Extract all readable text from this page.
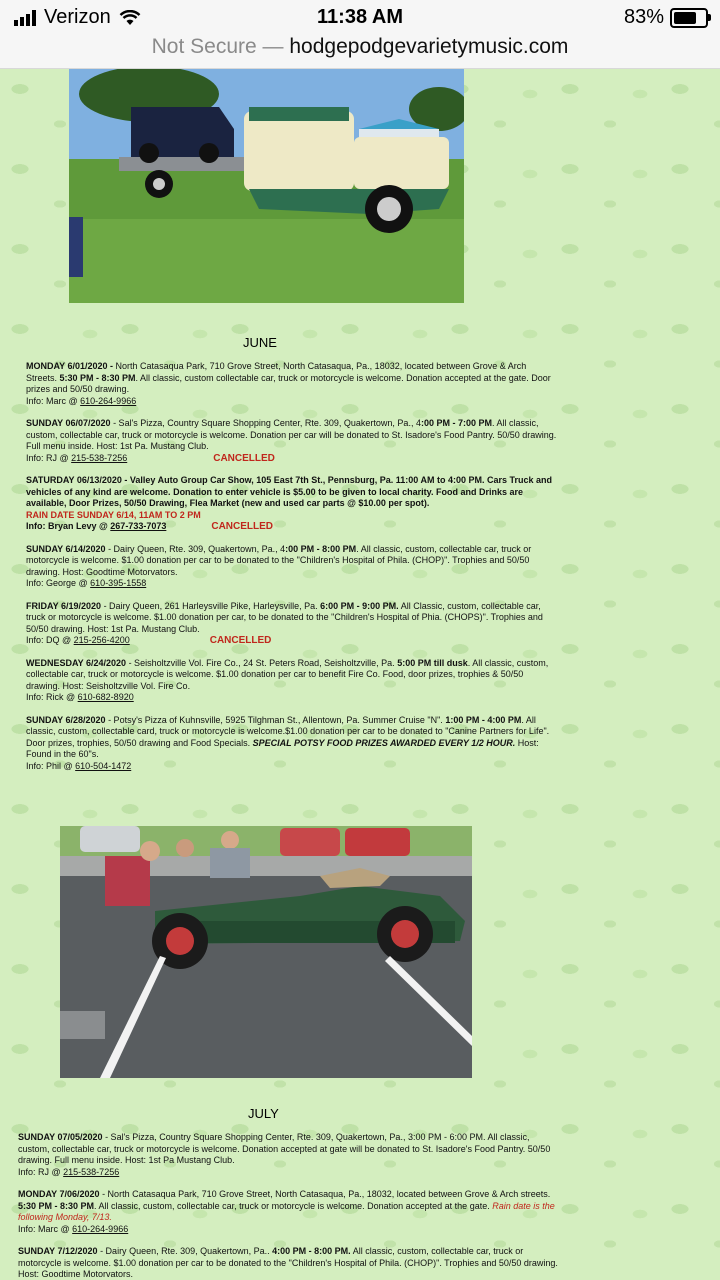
Verizon	11:38 AM	83%
Not Secure — hodgepodgevarietymusic.com
JUNE

MONDAY 6/01/2020 - North Catasaqua Park, 710 Grove Street, North Catasaqua, Pa., 18032, located between Grove & Arch Streets. 5:30 PM - 8:30 PM. All classic, custom collectable car, truck or motorcycle is welcome. Donation accepted at the gate. Door prizes and 50/50 drawing.

Info: Marc @ 610-264-9966

SUNDAY 06/07/2020 - Sal's Pizza, Country Square Shopping Center, Rte. 309, Quakertown, Pa., 4:00 PM - 7:00 PM. All classic, custom, collectable car, truck or motorcycle is welcome. Donation per car will be donated to St. Isadore's Food Pantry. 50/50 drawing. Full menu inside. Host: 1st Pa. Mustang Club.

Info: RJ @ 215-538-7256	CANCELLED

SATURDAY 06/13/2020 - Valley Auto Group Car Show, 105 East 7th St., Pennsburg, Pa. 11:00 AM to 4:00 PM. Cars Truck and vehicles of any kind are welcome. Donation to enter vehicle is $5.00 to be given to local charity. Food and Drinks are available, Door Prizes, 50/50 Drawing, Flea Market (new and used car parts @ $10.00 per spot).

RAIN DATE SUNDAY 6/14, 11AM TO 2 PM

Info: Bryan Levy @ 267-733-7073	CANCELLED

SUNDAY 6/14/2020 - Dairy Queen, Rte. 309, Quakertown, Pa., 4:00 PM - 8:00 PM. All classic, custom, collectable car, truck or motorcycle is welcome. $1.00 donation per car to be donated to the "Children's Hospital of Phila. (CHOP)". Trophies and 50/50 drawing. Host: Goodtime Motorvators.

Info: George @ 610-395-1558

FRIDAY 6/19/2020 - Dairy Queen, 261 Harleysville Pike, Harleysville, Pa. 6:00 PM - 9:00 PM. All Classic, custom, collectable car, truck or motorcycle is welcome. $1.00 donation per car, to be donated to the "Children's Hospital of Phia. (CHOPS)". Trophies and 50/50 drawing. Host: 1st Pa. Mustang Club.

Info: DQ @ 215-256-4200	CANCELLED

WEDNESDAY 6/24/2020 - Seisholtzville Vol. Fire Co., 24 St. Peters Road, Seisholtzville, Pa. 5:00 PM till dusk. All classic, custom, collectable car, truck or motorcycle is welcome. $1.00 donation per car to benefit Fire Co. Food, door prizes, trophies & 50/50 drawing. Host: Seisholtzville Vol. Fire Co.

Info: Rick @ 610-682-8920

SUNDAY 6/28/2020 - Potsy's Pizza of Kuhnsville, 5925 Tilghman St., Allentown, Pa. Summer Cruise "N". 1:00 PM - 4:00 PM. All classic, custom, collectable card, truck or motorcycle is welcome.$1.00 donation per car to be donated to "Canine Partners for Life". Door prizes, trophies, 50/50 drawing and Food Specials. SPECIAL POTSY FOOD PRIZES AWARDED EVERY 1/2 HOUR. Host: Found in the 60"s.

Info: Phil @ 610-504-1472

JULY

SUNDAY 07/05/2020 - Sal's Pizza, Country Square Shopping Center, Rte. 309, Quakertown, Pa., 3:00 PM - 6:00 PM. All classic, custom, collectable car, truck or motorcycle is welcome. Donation accepted at gate will be donated to St. Isadore's Food Pantry. 50/50 drawing. Full menu inside. Host: 1st Pa Mustang Club.

Info: RJ @ 215-538-7256

MONDAY 7/06/2020 - North Catasaqua Park, 710 Grove Street, North Catasaqua, Pa., 18032, located between Grove & Arch streets. 5:30 PM - 8:30 PM. All classic, custom, collectable car, truck or motorcycle is welcome. Donation accepted at the gate. Rain date is the following Monday, 7/13.

Info: Marc @ 610-264-9966

SUNDAY 7/12/2020 - Dairy Queen, Rte. 309, Quakertown, Pa.. 4:00 PM - 8:00 PM. All classic, custom, collectable car, truck or motorcycle is welcome. $1.00 donation per car to be donated to the "Children's Hospital of Phila. (CHOP)". Trophies and 50/50 drawing. Host: Goodtime Motorvators.
